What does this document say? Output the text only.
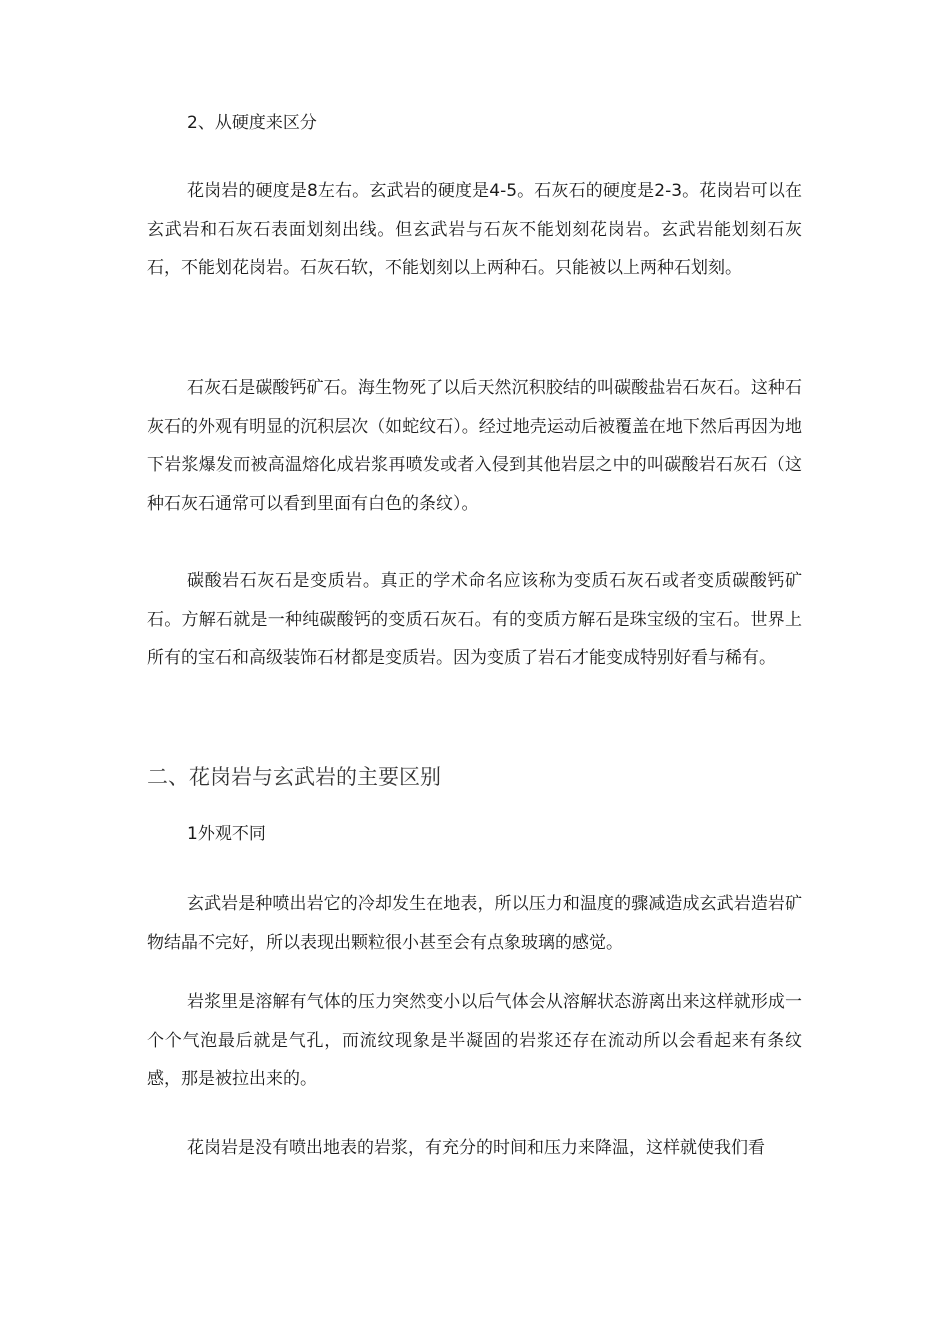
2、从硬度来区分

花岗岩的硬度是8左右。玄武岩的硬度是4-5。石灰石的硬度是2-3。花岗岩可以在玄武岩和石灰石表面划刻出线。但玄武岩与石灰不能划刻花岗岩。玄武岩能划刻石灰石，不能划花岗岩。石灰石软，不能划刻以上两种石。只能被以上两种石划刻。

石灰石是碳酸钙矿石。海生物死了以后天然沉积胶结的叫碳酸盐岩石灰石。这种石灰石的外观有明显的沉积层次（如蛇纹石）。经过地壳运动后被覆盖在地下然后再因为地下岩浆爆发而被高温熔化成岩浆再喷发或者入侵到其他岩层之中的叫碳酸岩石灰石（这种石灰石通常可以看到里面有白色的条纹）。

碳酸岩石灰石是变质岩。真正的学术命名应该称为变质石灰石或者变质碳酸钙矿石。方解石就是一种纯碳酸钙的变质石灰石。有的变质方解石是珠宝级的宝石。世界上所有的宝石和高级装饰石材都是变质岩。因为变质了岩石才能变成特别好看与稀有。

二、花岗岩与玄武岩的主要区别

1外观不同

玄武岩是种喷出岩它的冷却发生在地表，所以压力和温度的骤减造成玄武岩造岩矿物结晶不完好，所以表现出颗粒很小甚至会有点象玻璃的感觉。

岩浆里是溶解有气体的压力突然变小以后气体会从溶解状态游离出来这样就形成一个个气泡最后就是气孔，而流纹现象是半凝固的岩浆还存在流动所以会看起来有条纹感，那是被拉出来的。

花岗岩是没有喷出地表的岩浆，有充分的时间和压力来降温，这样就使我们看
